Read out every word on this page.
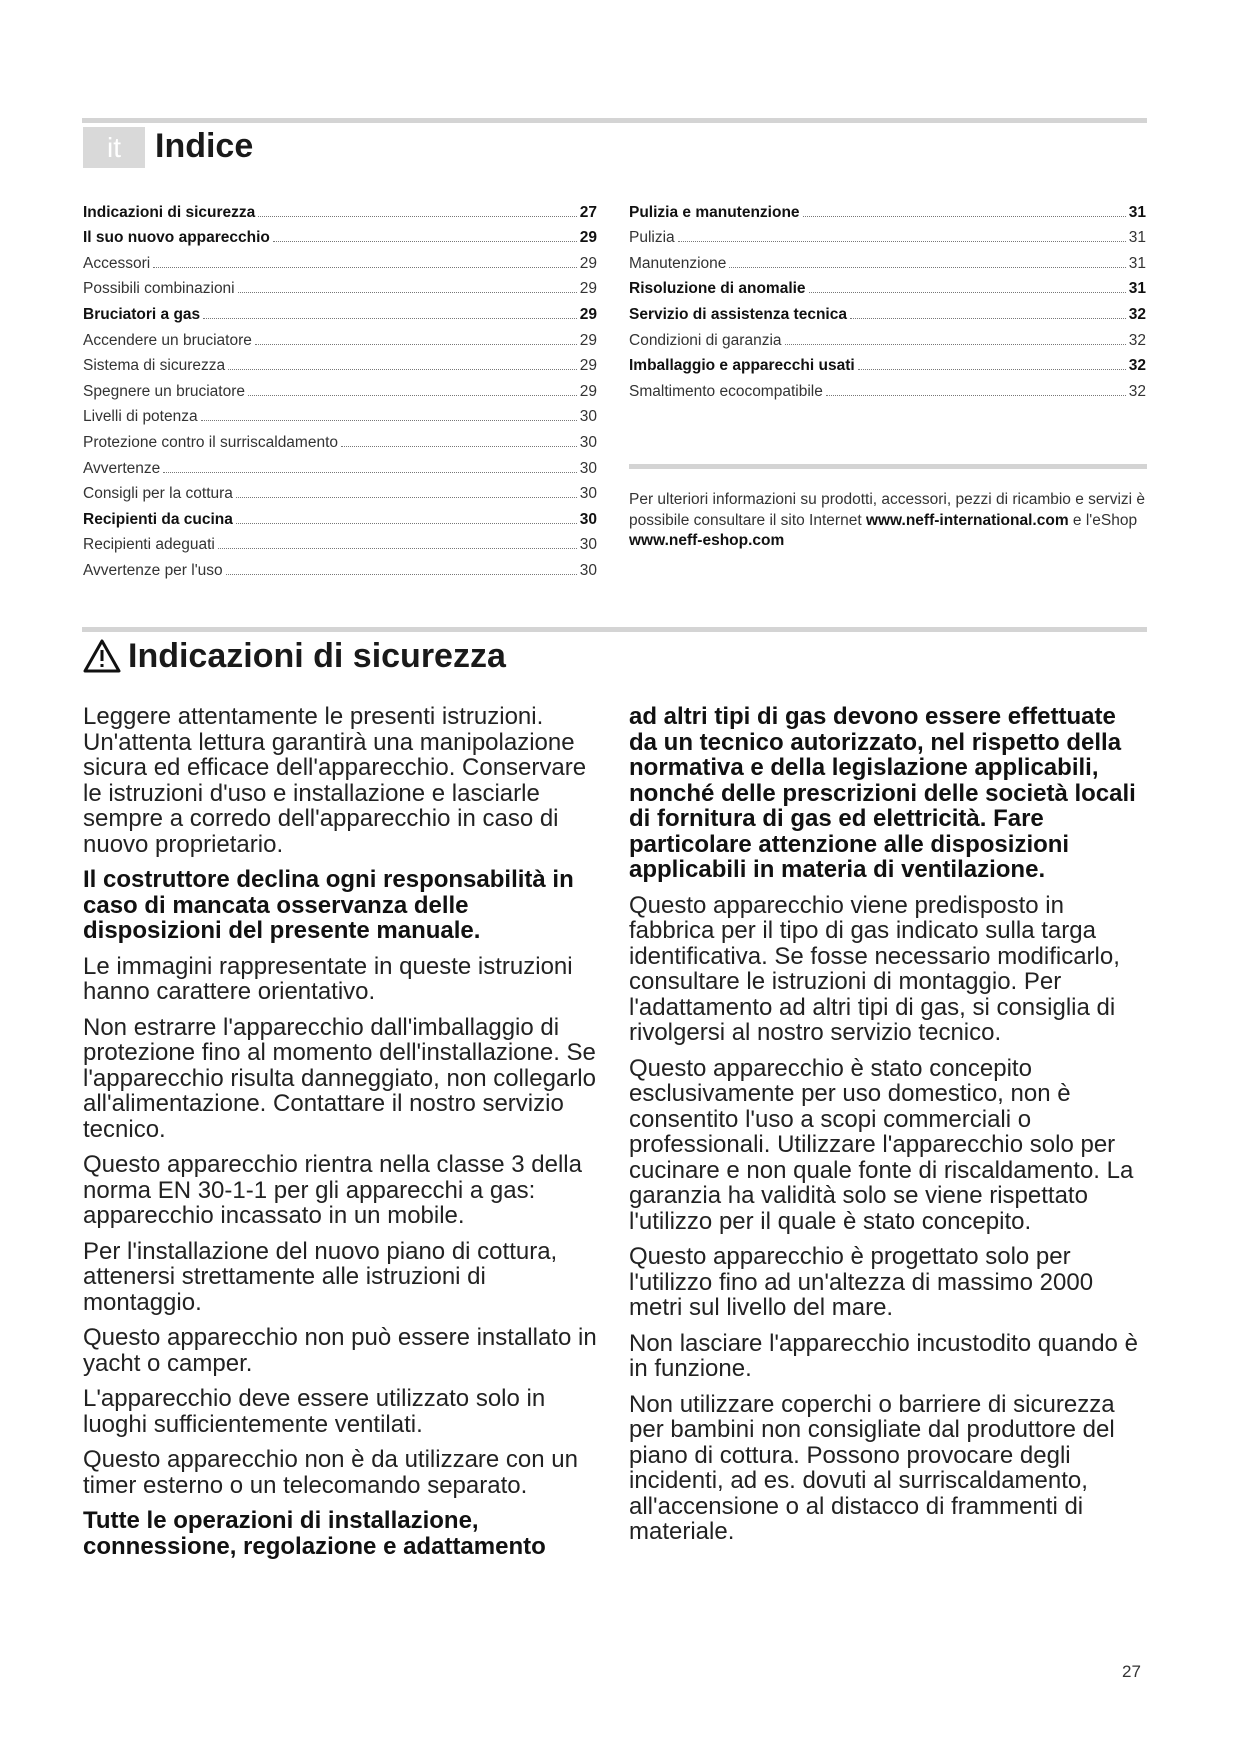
it	Indice
Indicazioni di sicurezza	27
Il suo nuovo apparecchio	29
Accessori	29
Possibili combinazioni	29
Bruciatori a gas	29
Accendere un bruciatore	29
Sistema di sicurezza	29
Spegnere un bruciatore	29
Livelli di potenza	30
Protezione contro il surriscaldamento	30
Avvertenze	30
Consigli per la cottura	30
Recipienti da cucina	30
Recipienti adeguati	30
Avvertenze per l'uso	30
Pulizia e manutenzione	31
Pulizia	31
Manutenzione	31
Risoluzione di anomalie	31
Servizio di assistenza tecnica	32
Condizioni di garanzia	32
Imballaggio e apparecchi usati	32
Smaltimento ecocompatibile	32

Per ulteriori informazioni su prodotti, accessori, pezzi di ricambio e servizi è possibile consultare il sito Internet www.neff-international.com e l'eShop www.neff-eshop.com

Indicazioni di sicurezza

Leggere attentamente le presenti istruzioni. Un'attenta lettura garantirà una manipolazione sicura ed efficace dell'apparecchio. Conservare le istruzioni d'uso e installazione e lasciarle sempre a corredo dell'apparecchio in caso di nuovo proprietario.

Il costruttore declina ogni responsabilità in caso di mancata osservanza delle disposizioni del presente manuale.

Le immagini rappresentate in queste istruzioni hanno carattere orientativo.

Non estrarre l'apparecchio dall'imballaggio di protezione fino al momento dell'installazione. Se l'apparecchio risulta danneggiato, non collegarlo all'alimentazione. Contattare il nostro servizio tecnico.

Questo apparecchio rientra nella classe 3 della norma EN 30-1-1 per gli apparecchi a gas: apparecchio incassato in un mobile.

Per l'installazione del nuovo piano di cottura, attenersi strettamente alle istruzioni di montaggio.

Questo apparecchio non può essere installato in yacht o camper.

L'apparecchio deve essere utilizzato solo in luoghi sufficientemente ventilati.

Questo apparecchio non è da utilizzare con un timer esterno o un telecomando separato.

Tutte le operazioni di installazione, connessione, regolazione e adattamento

ad altri tipi di gas devono essere effettuate da un tecnico autorizzato, nel rispetto della normativa e della legislazione applicabili, nonché delle prescrizioni delle società locali di fornitura di gas ed elettricità. Fare particolare attenzione alle disposizioni applicabili in materia di ventilazione.

Questo apparecchio viene predisposto in fabbrica per il tipo di gas indicato sulla targa identificativa. Se fosse necessario modificarlo, consultare le istruzioni di montaggio. Per l'adattamento ad altri tipi di gas, si consiglia di rivolgersi al nostro servizio tecnico.

Questo apparecchio è stato concepito esclusivamente per uso domestico, non è consentito l'uso a scopi commerciali o professionali. Utilizzare l'apparecchio solo per cucinare e non quale fonte di riscaldamento. La garanzia ha validità solo se viene rispettato l'utilizzo per il quale è stato concepito.

Questo apparecchio è progettato solo per l'utilizzo fino ad un'altezza di massimo 2000 metri sul livello del mare.

Non lasciare l'apparecchio incustodito quando è in funzione.

Non utilizzare coperchi o barriere di sicurezza per bambini non consigliate dal produttore del piano di cottura. Possono provocare degli incidenti, ad es. dovuti al surriscaldamento, all'accensione o al distacco di frammenti di materiale.

27
